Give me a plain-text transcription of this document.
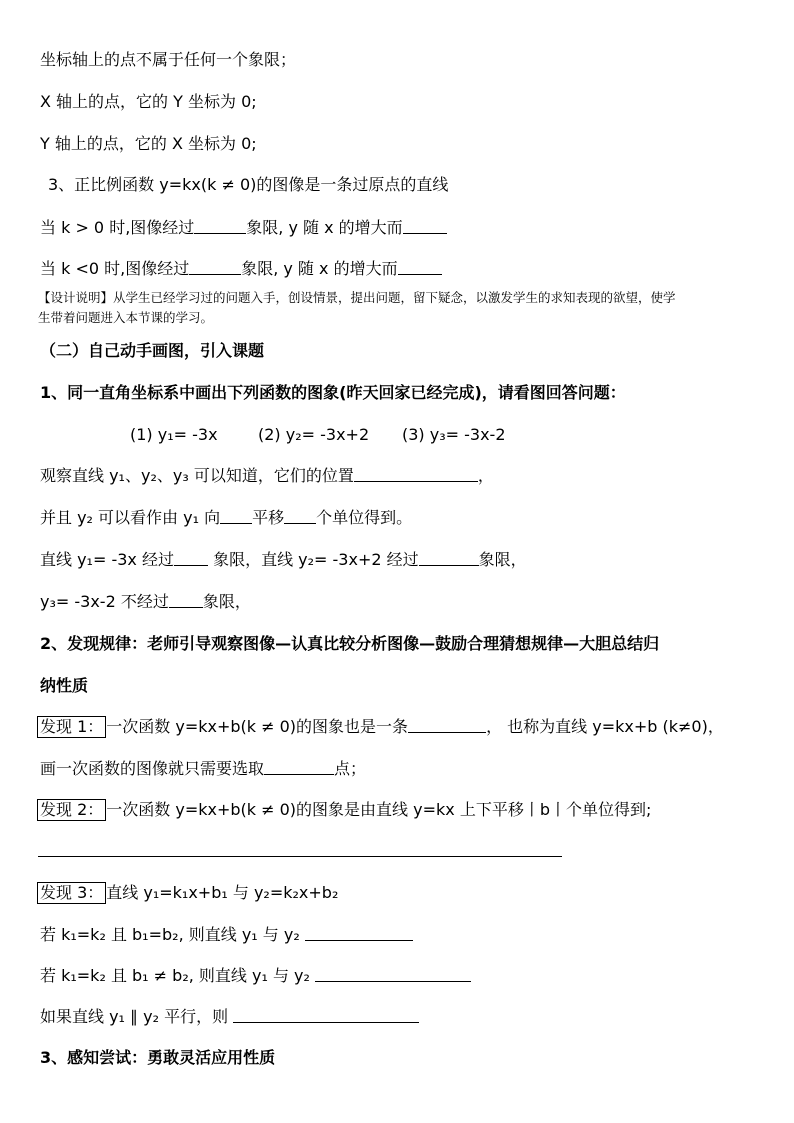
坐标轴上的点不属于任何一个象限；
X 轴上的点，它的 Y 坐标为 0;
Y 轴上的点，它的 X 坐标为 0;
3、正比例函数 y=kx(k ≠ 0)的图像是一条过原点的直线
当 k > 0 时,图像经过	象限, y 随 x 的增大而
当 k <0 时,图像经过	象限, y 随 x 的增大而
【设计说明】从学生已经学习过的问题入手，创设情景，提出问题，留下疑念，以激发学生的求知表现的欲望，使学
生带着问题进入本节课的学习。
（二）自己动手画图，引入课题
1、同一直角坐标系中画出下列函数的图象(昨天回家已经完成)，请看图回答问题：
(1) y₁= -3x	(2) y₂= -3x+2 (3) y₃= -3x-2
观察直线 y₁、y₂、y₃ 可以知道，它们的位置	，
并且 y₂ 可以看作由 y₁ 向 平移 个单位得到。
直线 y₁= -3x 经过 象限，直线 y₂= -3x+2 经过	象限，
y₃= -3x-2 不经过 象限，
2、发现规律：老师引导观察图像—认真比较分析图像—鼓励合理猜想规律—大胆总结归
纳性质
发现 1： 一次函数 y=kx+b(k ≠ 0)的图象也是一条	， 也称为直线 y=kx+b (k≠0)，
画一次函数的图像就只需要选取	点；
发现 2： 一次函数 y=kx+b(k ≠ 0)的图象是由直线 y=kx 上下平移丨b丨个单位得到;
发现 3： 直线 y₁=k₁x+b₁ 与 y₂=k₂x+b₂
若 k₁=k₂ 且 b₁=b₂, 则直线 y₁ 与 y₂
若 k₁=k₂ 且 b₁ ≠ b₂, 则直线 y₁ 与 y₂
如果直线 y₁ ∥ y₂ 平行，则
3、感知尝试：勇敢灵活应用性质
